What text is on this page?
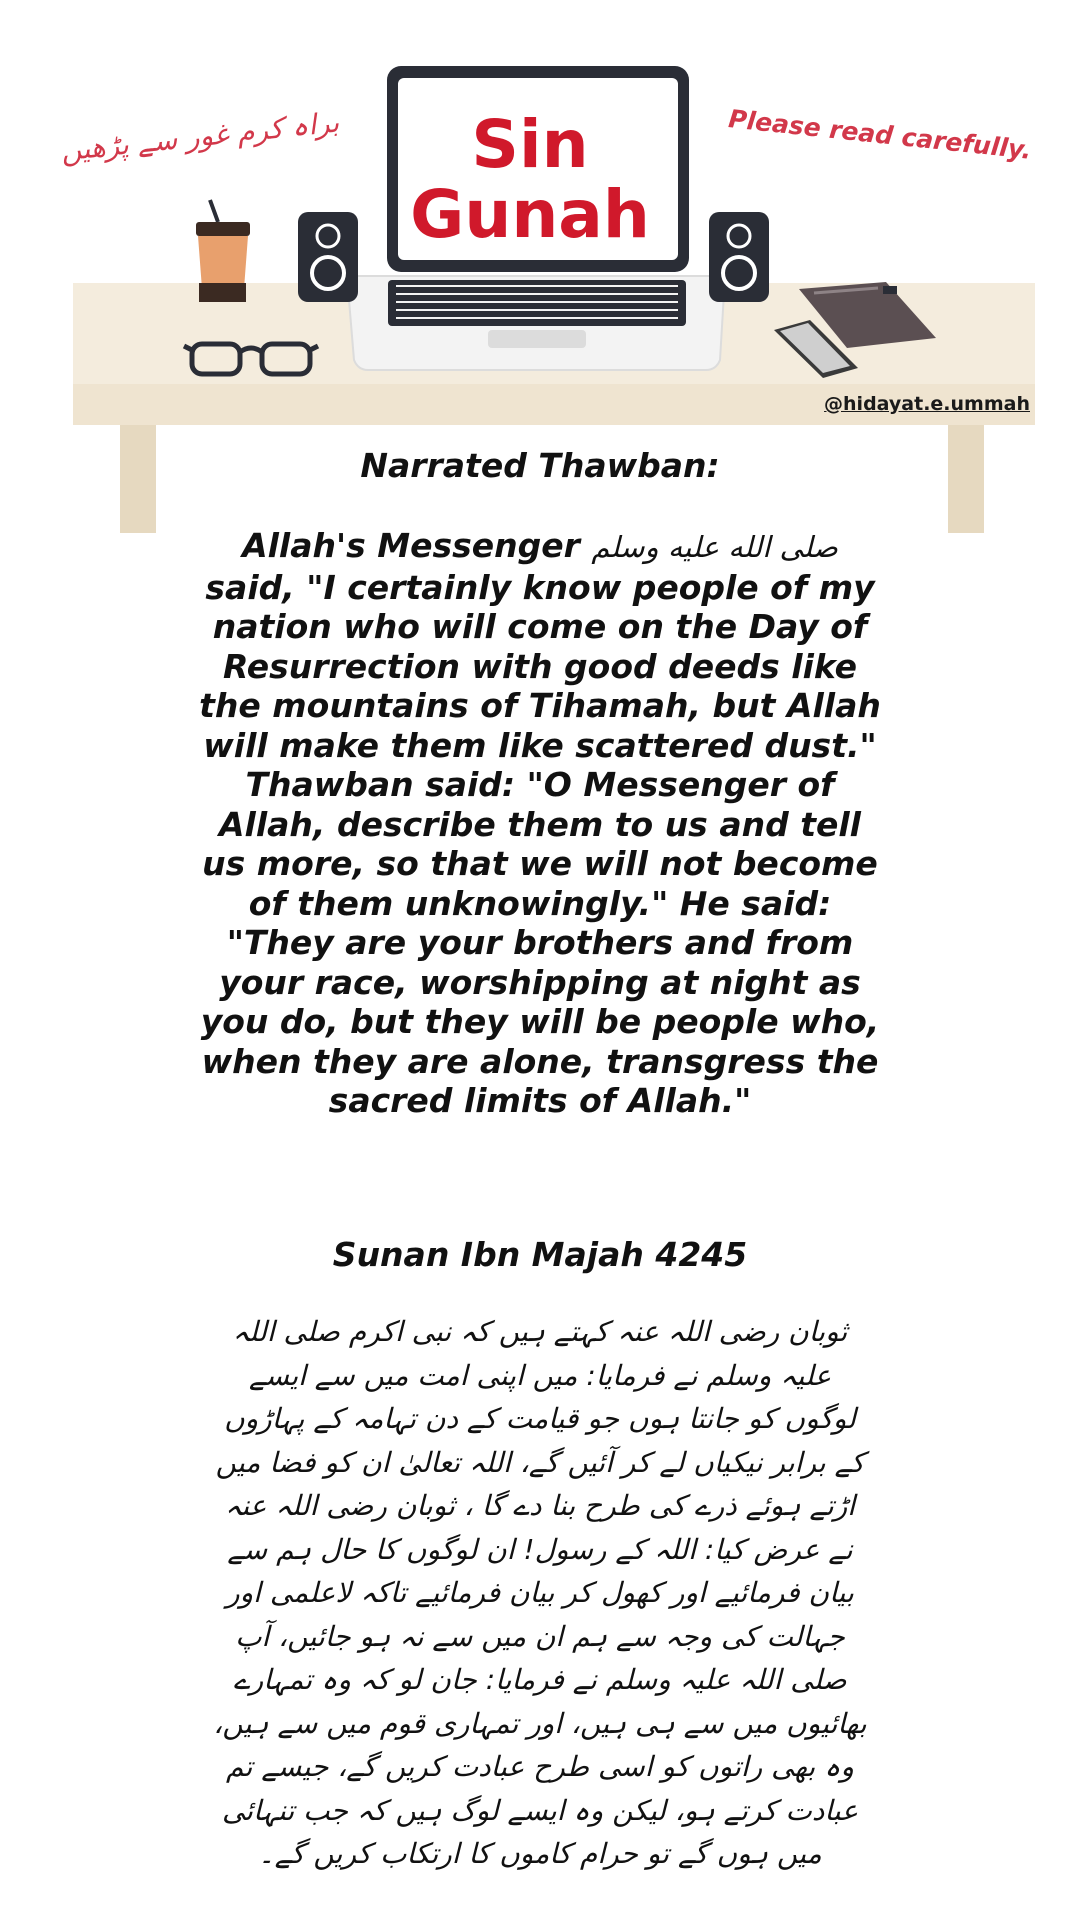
براہ کرم غور سے پڑھیں	Please read carefully.
Sin
Gunah
@hidayat.e.ummah
Narrated Thawban:
Allah's Messenger صلى الله عليه وسلم said, "I certainly know people of my nation who will come on the Day of Resurrection with good deeds like the mountains of Tihamah, but Allah will make them like scattered dust." Thawban said: "O Messenger of Allah, describe them to us and tell us more, so that we will not become of them unknowingly." He said: "They are your brothers and from your race, worshipping at night as you do, but they will be people who, when they are alone, transgress the sacred limits of Allah."
Sunan Ibn Majah 4245
ثوبان رضی اللہ عنہ کہتے ہیں کہ نبی اکرم صلی اللہ علیہ وسلم نے فرمایا: میں اپنی امت میں سے ایسے لوگوں کو جانتا ہوں جو قیامت کے دن تہامہ کے پہاڑوں کے برابر نیکیاں لے کر آئیں گے، اللہ تعالیٰ ان کو فضا میں اڑتے ہوئے ذرے کی طرح بنا دے گا ، ثوبان رضی اللہ عنہ نے عرض کیا: اللہ کے رسول! ان لوگوں کا حال ہم سے بیان فرمائیے اور کھول کر بیان فرمائیے تاکہ لاعلمی اور جہالت کی وجہ سے ہم ان میں سے نہ ہو جائیں، آپ صلی اللہ علیہ وسلم نے فرمایا: جان لو کہ وہ تمہارے بھائیوں میں سے ہی ہیں، اور تمہاری قوم میں سے ہیں، وہ بھی راتوں کو اسی طرح عبادت کریں گے، جیسے تم عبادت کرتے ہو، لیکن وہ ایسے لوگ ہیں کہ جب تنہائی میں ہوں گے تو حرام کاموں کا ارتکاب کریں گے۔
